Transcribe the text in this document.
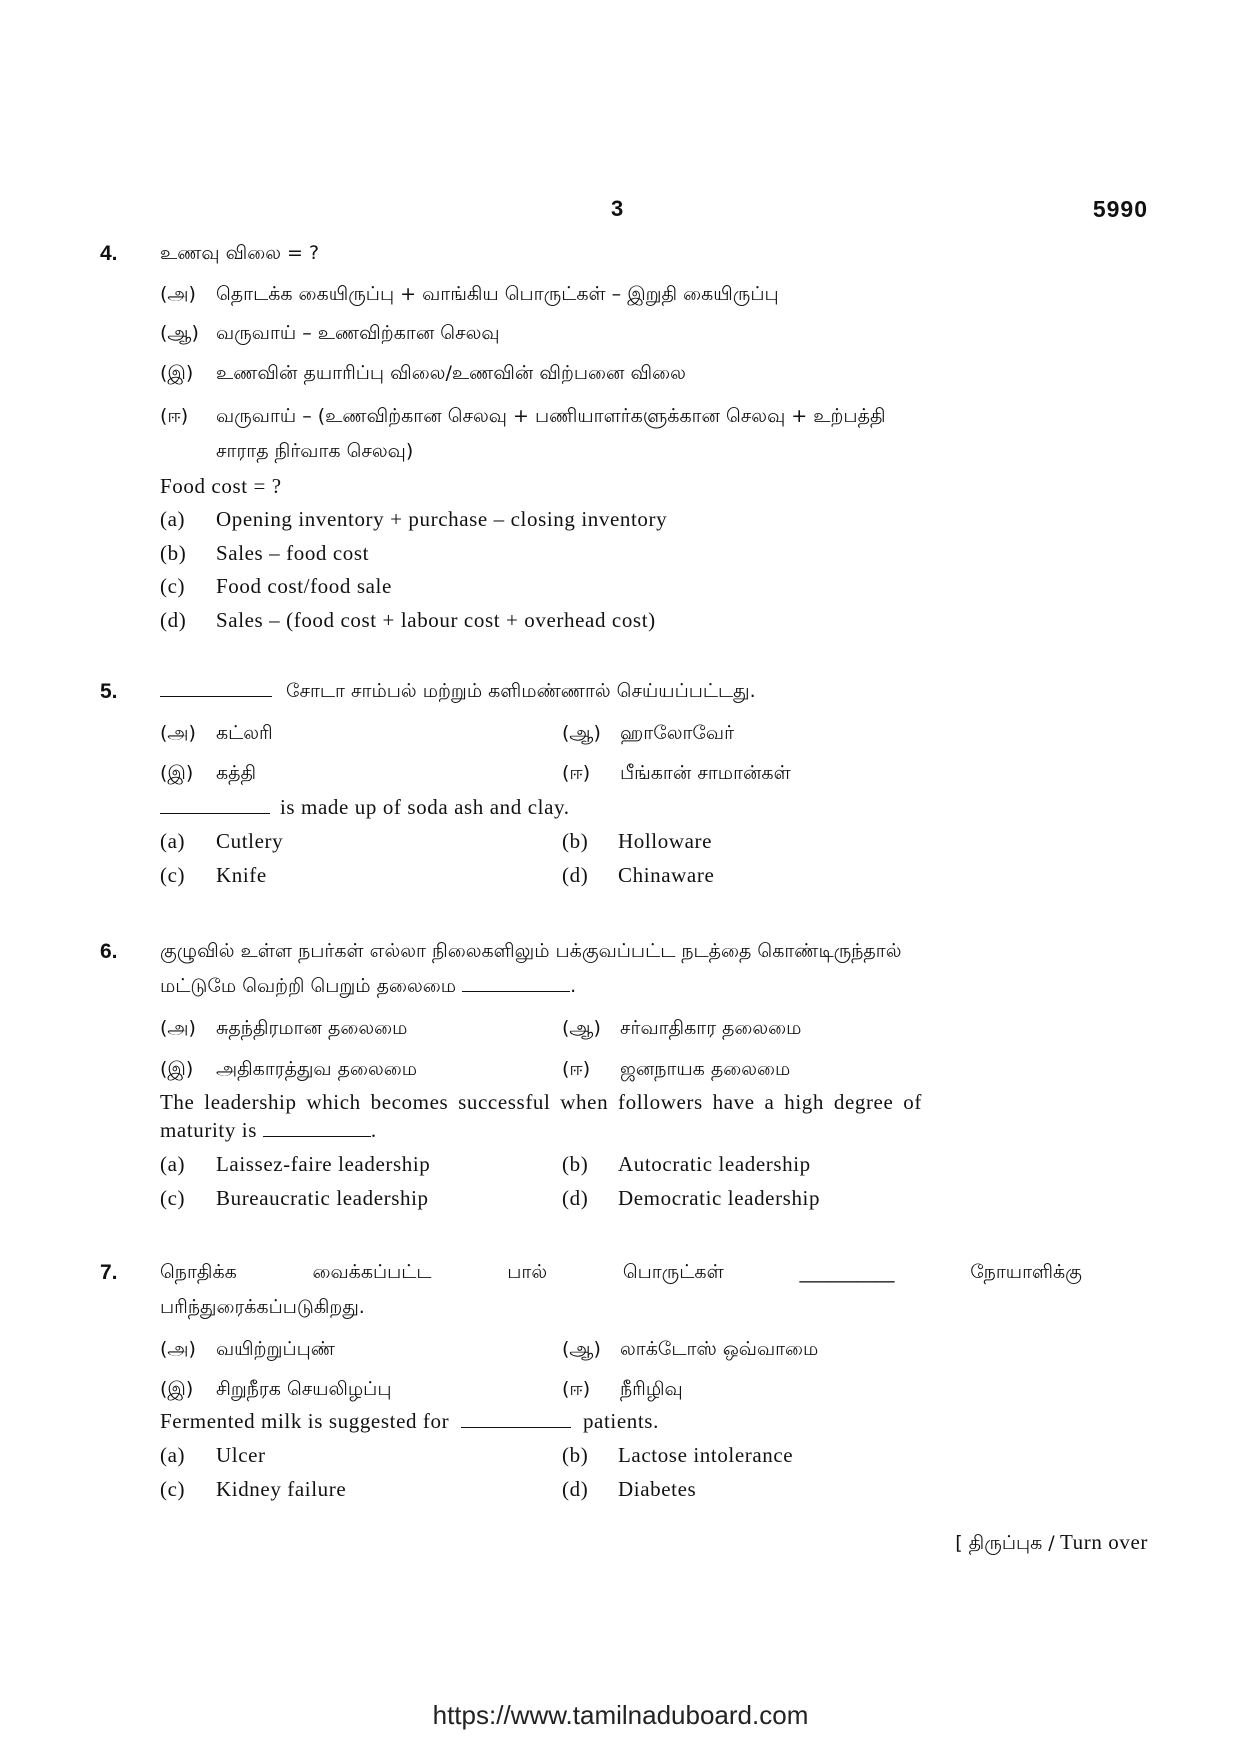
3	5990
4. உணவு விலை = ?
(அ) தொடக்க கையிருப்பு + வாங்கிய பொருட்கள் – இறுதி கையிருப்பு
(ஆ) வருவாய் – உணவிற்கான செலவு
(இ) உணவின் தயாரிப்பு விலை/உணவின் விற்பனை விலை
(ஈ) வருவாய் – (உணவிற்கான செலவு + பணியாளர்களுக்கான செலவு + உற்பத்தி
சாராத நிர்வாக செலவு)
Food cost = ?
(a) Opening inventory + purchase – closing inventory
(b) Sales – food cost
(c) Food cost/food sale
(d) Sales – (food cost + labour cost + overhead cost)
5.	சோடா சாம்பல் மற்றும் களிமண்ணால் செய்யப்பட்டது.
(அ) கட்லரி	(ஆ) ஹாலோவேர்
(இ) கத்தி	(ஈ) பீங்கான் சாமான்கள்
is made up of soda ash and clay.
(a) Cutlery	(b) Holloware
(c) Knife	(d) Chinaware
6. குழுவில் உள்ள நபர்கள் எல்லா நிலைகளிலும் பக்குவப்பட்ட நடத்தை கொண்டிருந்தால்
மட்டுமே வெற்றி பெறும் தலைமை	.
(அ) சுதந்திரமான தலைமை	(ஆ) சர்வாதிகார தலைமை
(இ) அதிகாரத்துவ தலைமை	(ஈ) ஜனநாயக தலைமை
The leadership which becomes successful when followers have a high degree of
maturity is	.
(a) Laissez-faire leadership	(b) Autocratic leadership
(c) Bureaucratic leadership	(d) Democratic leadership
7. நொதிக்க	வைக்கப்பட்ட	பால்	பொருட்கள்	__________	நோயாளிக்கு
பரிந்துரைக்கப்படுகிறது.
(அ) வயிற்றுப்புண்	(ஆ) லாக்டோஸ் ஒவ்வாமை
(இ) சிறுநீரக செயலிழப்பு	(ஈ) நீரிழிவு
Fermented milk is suggested for	patients.
(a) Ulcer	(b) Lactose intolerance
(c) Kidney failure	(d) Diabetes
[ திருப்புக / Turn over
https://www.tamilnaduboard.com
